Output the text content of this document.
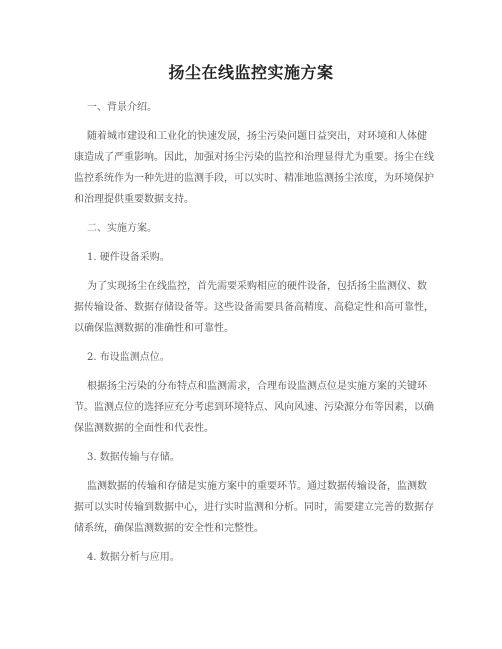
扬尘在线监控实施方案
一、背景介绍。
随着城市建设和工业化的快速发展，扬尘污染问题日益突出，对环境和人体健
康造成了严重影响。因此，加强对扬尘污染的监控和治理显得尤为重要。扬尘在线
监控系统作为一种先进的监测手段，可以实时、精准地监测扬尘浓度，为环境保护
和治理提供重要数据支持。
二、实施方案。
1. 硬件设备采购。
为了实现扬尘在线监控，首先需要采购相应的硬件设备，包括扬尘监测仪、数
据传输设备、数据存储设备等。这些设备需要具备高精度、高稳定性和高可靠性，
以确保监测数据的准确性和可靠性。
2. 布设监测点位。
根据扬尘污染的分布特点和监测需求，合理布设监测点位是实施方案的关键环
节。监测点位的选择应充分考虑到环境特点、风向风速、污染源分布等因素，以确
保监测数据的全面性和代表性。
3. 数据传输与存储。
监测数据的传输和存储是实施方案中的重要环节。通过数据传输设备，监测数
据可以实时传输到数据中心，进行实时监测和分析。同时，需要建立完善的数据存
储系统，确保监测数据的安全性和完整性。
4. 数据分析与应用。
